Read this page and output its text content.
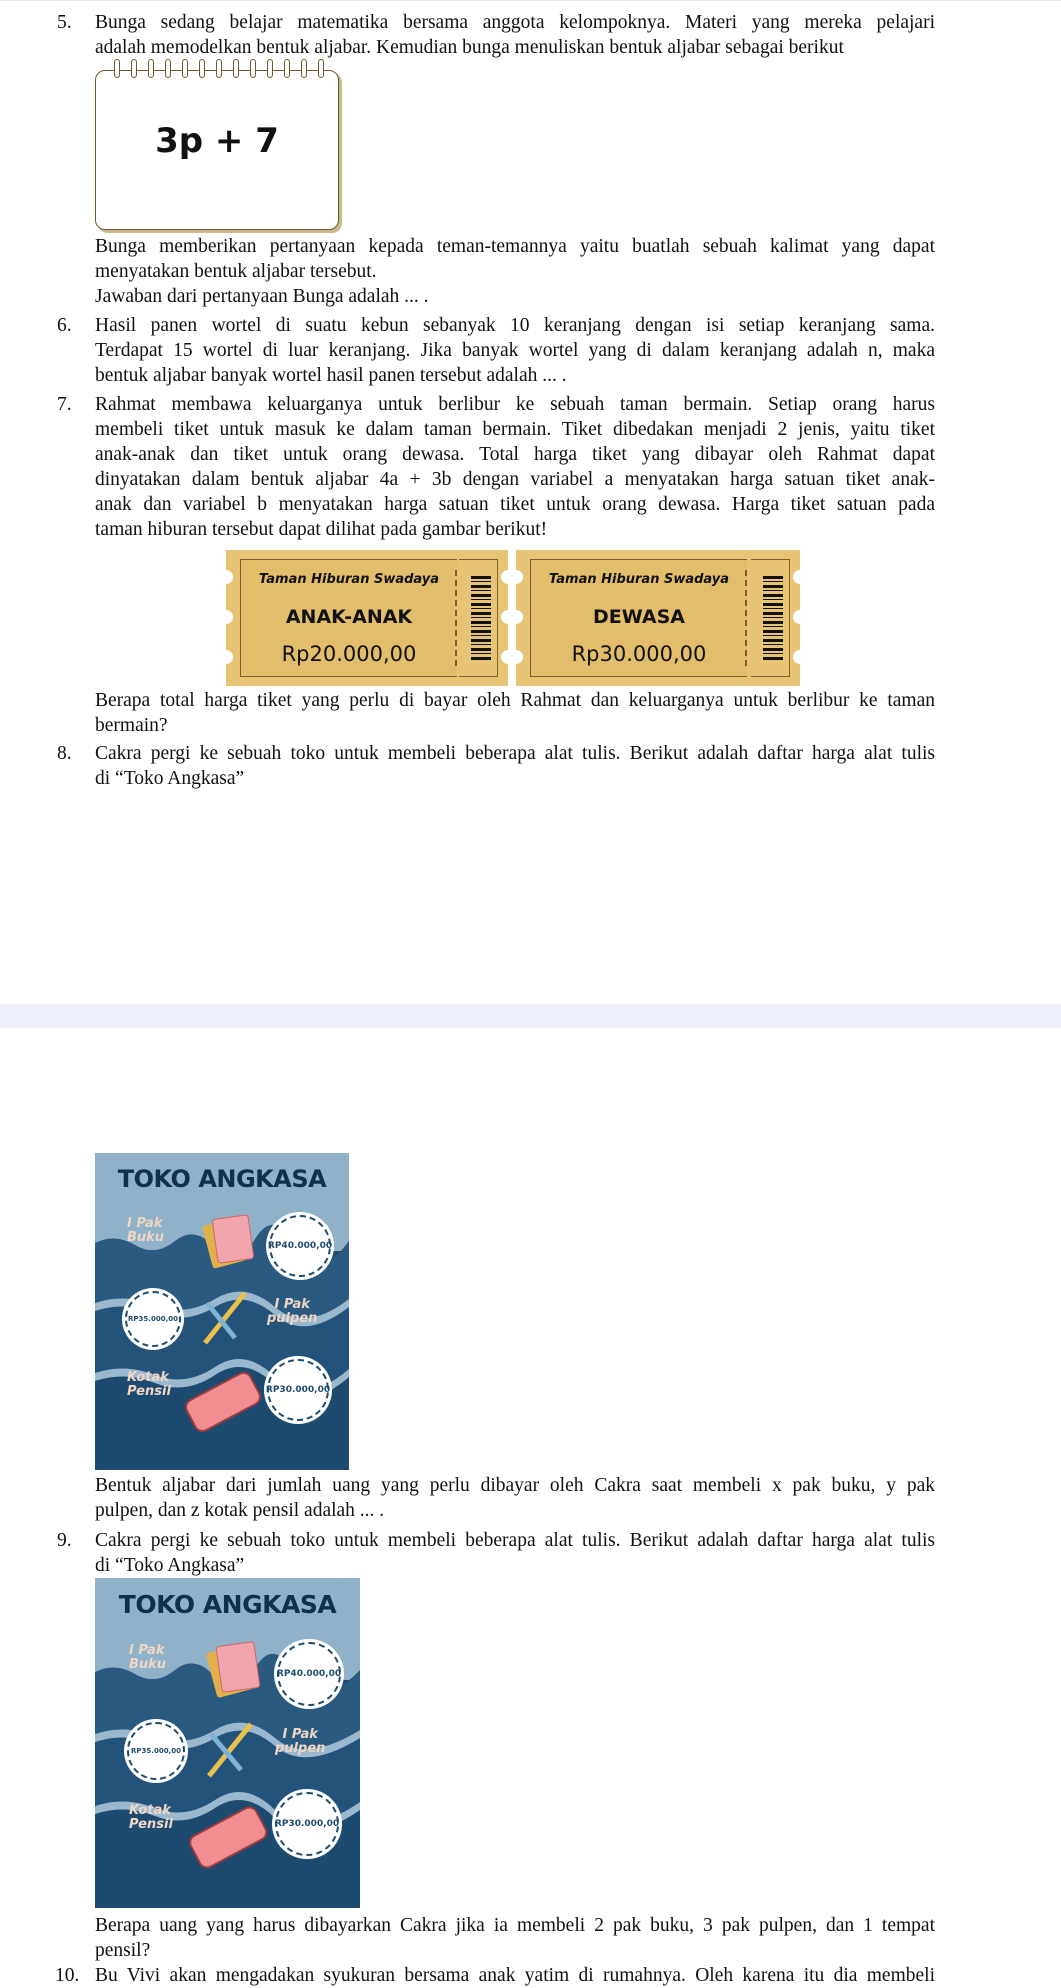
5. Bunga sedang belajar matematika bersama anggota kelompoknya. Materi yang mereka pelajari

adalah memodelkan bentuk aljabar. Kemudian bunga menuliskan bentuk aljabar sebagai berikut

3p + 7

Bunga memberikan pertanyaan kepada teman-temannya yaitu buatlah sebuah kalimat yang dapat

menyatakan bentuk aljabar tersebut.

Jawaban dari pertanyaan Bunga adalah ... .

6. Hasil panen wortel di suatu kebun sebanyak 10 keranjang dengan isi setiap keranjang sama.

Terdapat 15 wortel di luar keranjang. Jika banyak wortel yang di dalam keranjang adalah n, maka

bentuk aljabar banyak wortel hasil panen tersebut adalah ... .

7. Rahmat membawa keluarganya untuk berlibur ke sebuah taman bermain. Setiap orang harus

membeli tiket untuk masuk ke dalam taman bermain. Tiket dibedakan menjadi 2 jenis, yaitu tiket

anak-anak dan tiket untuk orang dewasa. Total harga tiket yang dibayar oleh Rahmat dapat

dinyatakan dalam bentuk aljabar 4a + 3b dengan variabel a menyatakan harga satuan tiket anak-

anak dan variabel b menyatakan harga satuan tiket untuk orang dewasa. Harga tiket satuan pada

taman hiburan tersebut dapat dilihat pada gambar berikut!

Taman Hiburan Swadaya
ANAK-ANAK
Rp20.000,00
Taman Hiburan Swadaya
DEWASA
Rp30.000,00

Berapa total harga tiket yang perlu di bayar oleh Rahmat dan keluarganya untuk berlibur ke taman

bermain?

8. Cakra pergi ke sebuah toko untuk membeli beberapa alat tulis. Berikut adalah daftar harga alat tulis

di “Toko Angkasa”

TOKO ANGKASA
I Pak
Buku
RP40.000,00
RP35.000,00
I Pak
pulpen
Kotak
Pensil	RP30.000,00

Bentuk aljabar dari jumlah uang yang perlu dibayar oleh Cakra saat membeli x pak buku, y pak

pulpen, dan z kotak pensil adalah ... .

9. Cakra pergi ke sebuah toko untuk membeli beberapa alat tulis. Berikut adalah daftar harga alat tulis

di “Toko Angkasa”

TOKO ANGKASA
I Pak
Buku
RP40.000,00
RP35.000,00
I Pak
pulpen
Kotak
Pensil	RP30.000,00

Berapa uang yang harus dibayarkan Cakra jika ia membeli 2 pak buku, 3 pak pulpen, dan 1 tempat

pensil?

10. Bu Vivi akan mengadakan syukuran bersama anak yatim di rumahnya. Oleh karena itu dia membeli
